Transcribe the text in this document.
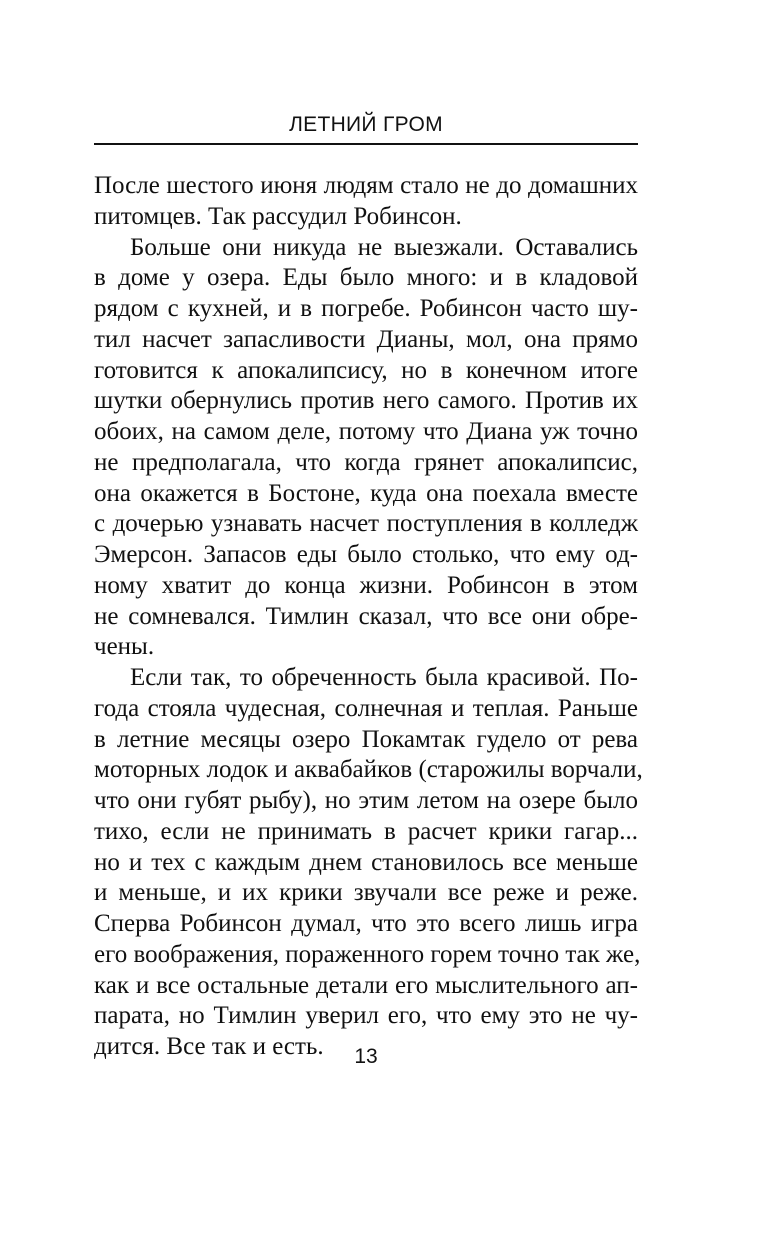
ЛЕТНИЙ ГРОМ
После шестого июня людям стало не до домашних
питомцев. Так рассудил Робинсон.
Больше они никуда не выезжали. Оставались
в доме у озера. Еды было много: и в кладовой
рядом с кухней, и в погребе. Робинсон часто шу-
тил насчет запасливости Дианы, мол, она прямо
готовится к апокалипсису, но в конечном итоге
шутки обернулись против него самого. Против их
обоих, на самом деле, потому что Диана уж точно
не предполагала, что когда грянет апокалипсис,
она окажется в Бостоне, куда она поехала вместе
с дочерью узнавать насчет поступления в колледж
Эмерсон. Запасов еды было столько, что ему од-
ному хватит до конца жизни. Робинсон в этом
не сомневался. Тимлин сказал, что все они обре-
чены.
Если так, то обреченность была красивой. По-
года стояла чудесная, солнечная и теплая. Раньше
в летние месяцы озеро Покамтак гудело от рева
моторных лодок и аквабайков (старожилы ворчали,
что они губят рыбу), но этим летом на озере было
тихо, если не принимать в расчет крики гагар...
но и тех с каждым днем становилось все меньше
и меньше, и их крики звучали все реже и реже.
Сперва Робинсон думал, что это всего лишь игра
его воображения, пораженного горем точно так же,
как и все остальные детали его мыслительного ап-
парата, но Тимлин уверил его, что ему это не чу-
дится. Все так и есть.	13
